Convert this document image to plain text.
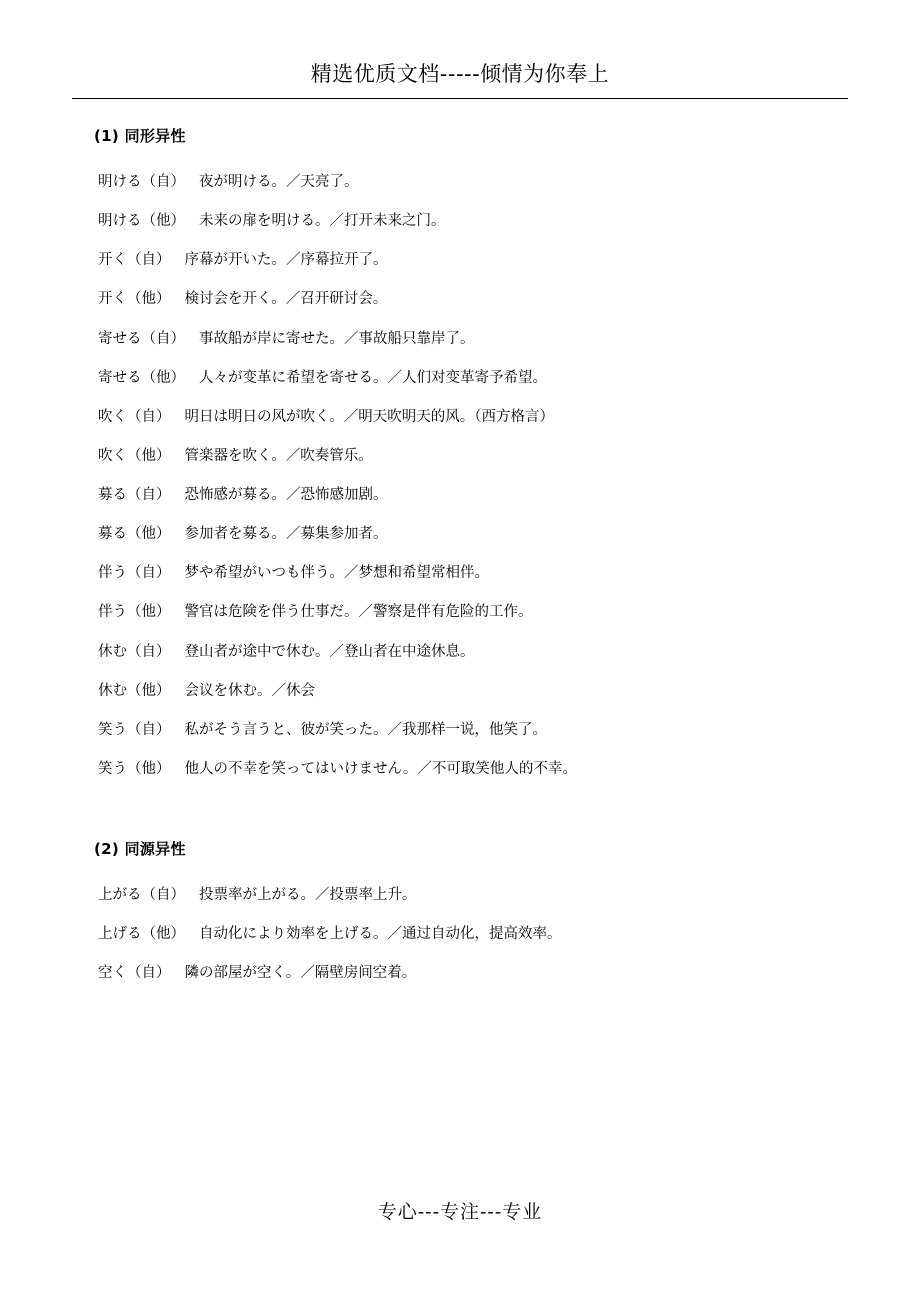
精选优质文档-----倾情为你奉上
(1) 同形异性
明ける（自） 夜が明ける。／天亮了。
明ける（他） 未来の扉を明ける。／打开未来之门。
开く（自） 序幕が开いた。／序幕拉开了。
开く（他） 検讨会を开く。／召开研讨会。
寄せる（自） 事故船が岸に寄せた。／事故船只靠岸了。
寄せる（他） 人々が变革に希望を寄せる。／人们对变革寄予希望。
吹く（自） 明日は明日の风が吹く。／明天吹明天的风。（西方格言）
吹く（他） 管楽器を吹く。／吹奏管乐。
募る（自） 恐怖感が募る。／恐怖感加剧。
募る（他） 参加者を募る。／募集参加者。
伴う（自） 梦や希望がいつも伴う。／梦想和希望常相伴。
伴う（他） 警官は危険を伴う仕事だ。／警察是伴有危险的工作。
休む（自） 登山者が途中で休む。／登山者在中途休息。
休む（他） 会议を休む。／休会
笑う（自） 私がそう言うと、彼が笑った。／我那样一说，他笑了。
笑う（他） 他人の不幸を笑ってはいけません。／不可取笑他人的不幸。
(2) 同源异性
上がる（自） 投票率が上がる。／投票率上升。
上げる（他） 自动化により効率を上げる。／通过自动化，提高效率。
空く（自） 隣の部屋が空く。／隔壁房间空着。
专心---专注---专业
